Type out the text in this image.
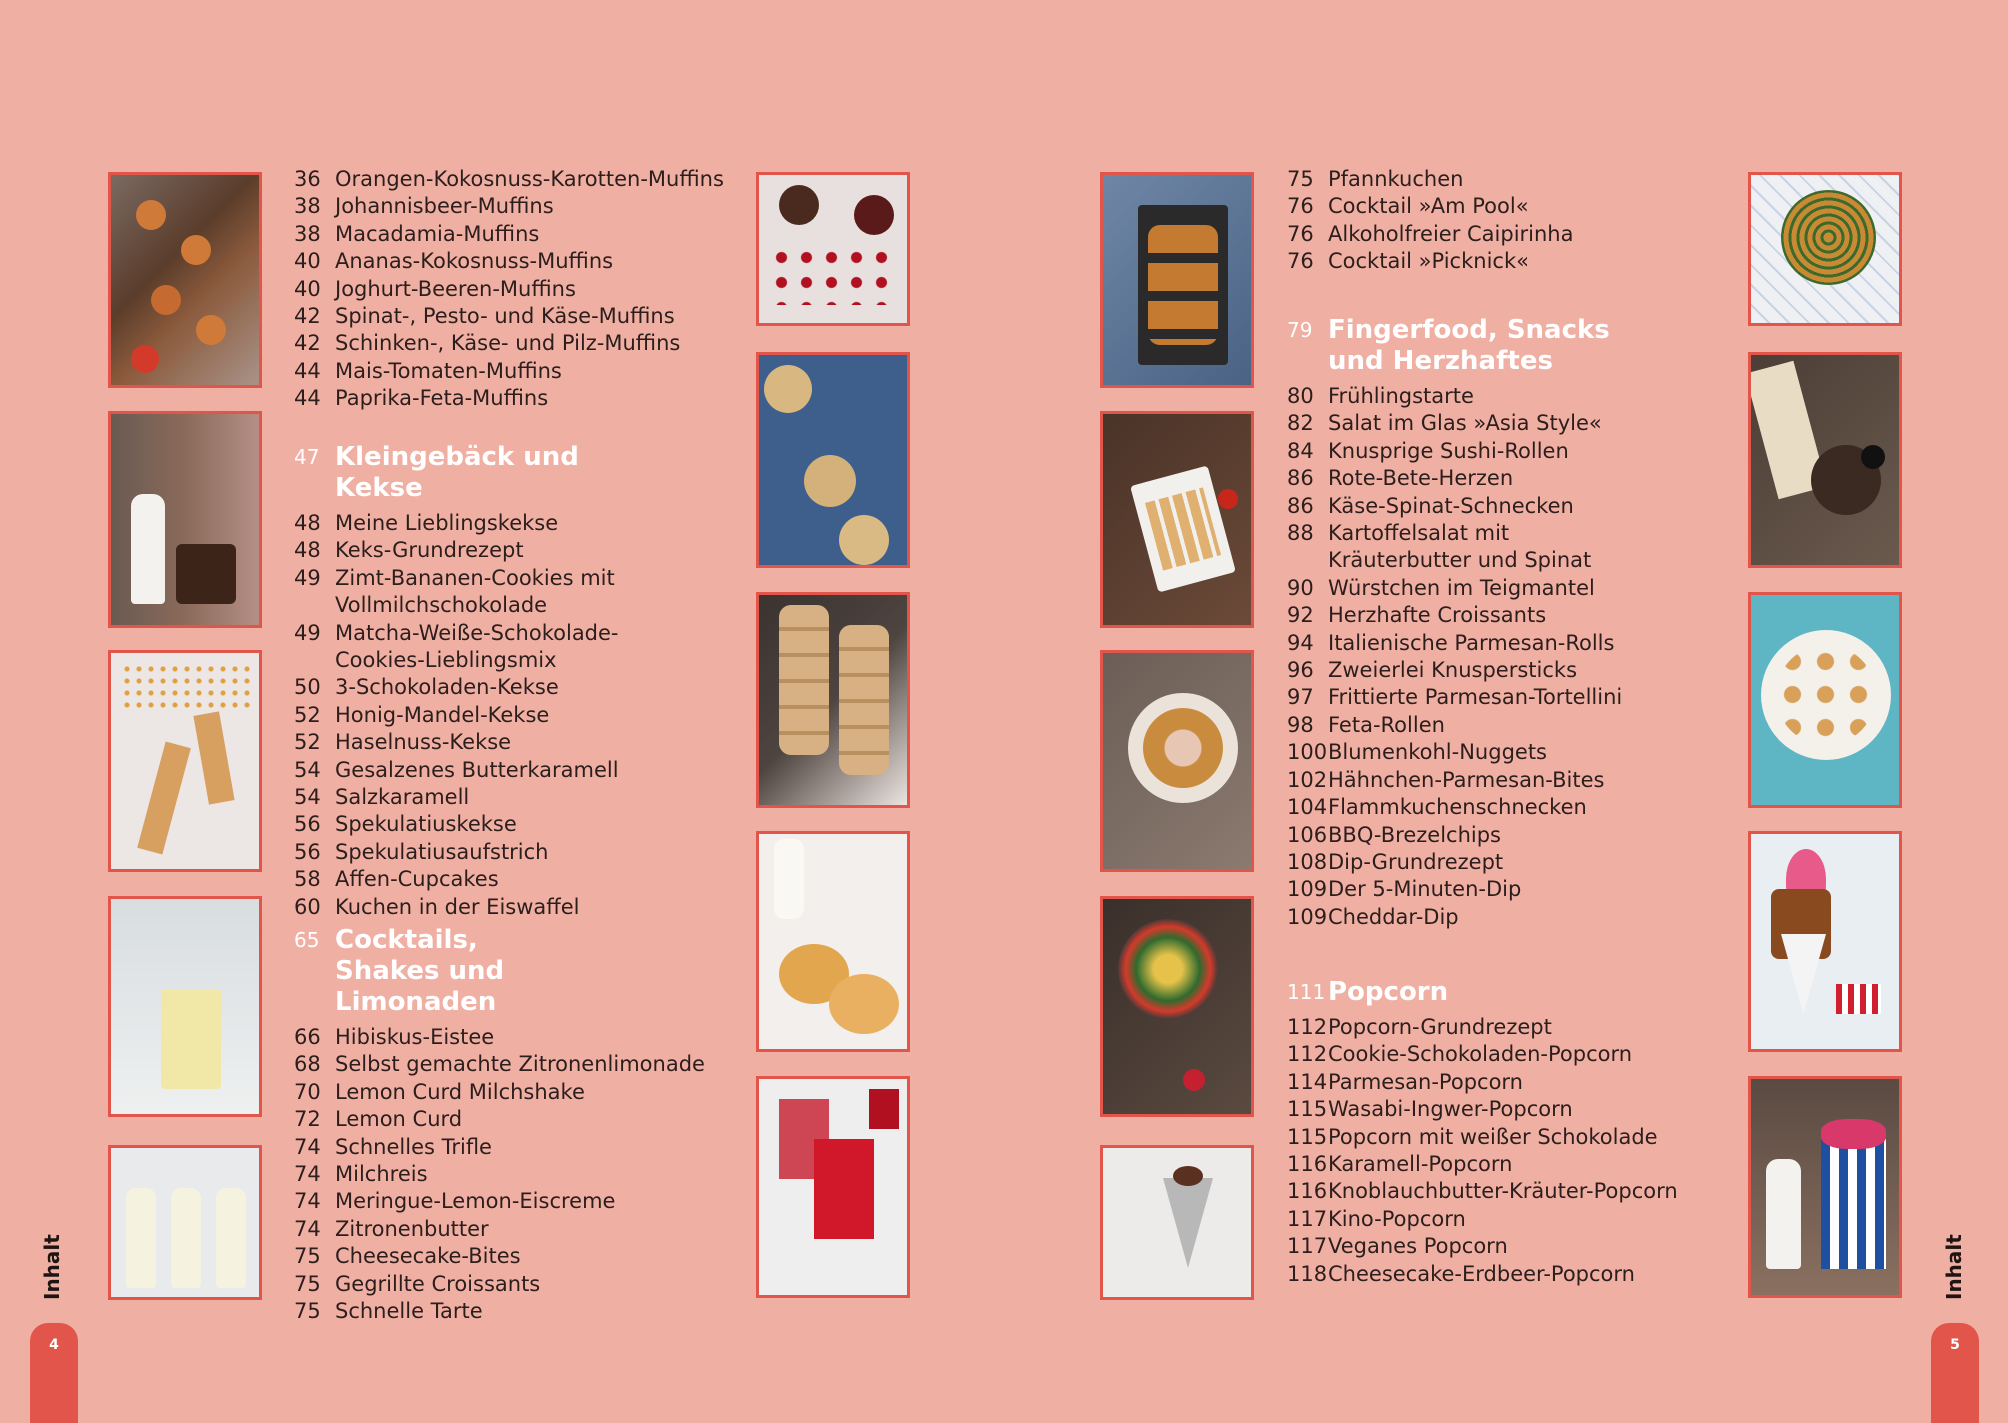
36 Orangen-Kokosnuss-Karotten-Muffins
38 Johannisbeer-Muffins
38 Macadamia-Muffins
40 Ananas-Kokosnuss-Muffins
40 Joghurt-Beeren-Muffins
42 Spinat-, Pesto- und Käse-Muffins
42 Schinken-, Käse- und Pilz-Muffins
44 Mais-Tomaten-Muffins
44 Paprika-Feta-Muffins
47 Kleingebäck und Kekse
48 Meine Lieblingskekse
48 Keks-Grundrezept
49 Zimt-Bananen-Cookies mit Vollmilchschokolade
49 Matcha-Weiße-Schokolade-Cookies-Lieblingsmix
50 3-Schokoladen-Kekse
52 Honig-Mandel-Kekse
52 Haselnuss-Kekse
54 Gesalzenes Butterkaramell
54 Salzkaramell
56 Spekulatiuskekse
56 Spekulatiusaufstrich
58 Affen-Cupcakes
60 Kuchen in der Eiswaffel
65 Cocktails, Shakes und Limonaden
66 Hibiskus-Eistee
68 Selbst gemachte Zitronenlimonade
70 Lemon Curd Milchshake
72 Lemon Curd
74 Schnelles Trifle
74 Milchreis
74 Meringue-Lemon-Eiscreme
74 Zitronenbutter
75 Cheesecake-Bites
75 Gegrillte Croissants
75 Schnelle Tarte
Inhalt
4
75 Pfannkuchen
76 Cocktail »Am Pool«
76 Alkoholfreier Caipirinha
76 Cocktail »Picknick«
79 Fingerfood, Snacks und Herzhaftes
80 Frühlingstarte
82 Salat im Glas »Asia Style«
84 Knusprige Sushi-Rollen
86 Rote-Bete-Herzen
86 Käse-Spinat-Schnecken
88 Kartoffelsalat mit Kräuterbutter und Spinat
90 Würstchen im Teigmantel
92 Herzhafte Croissants
94 Italienische Parmesan-Rolls
96 Zweierlei Knuspersticks
97 Frittierte Parmesan-Tortellini
98 Feta-Rollen
100 Blumenkohl-Nuggets
102 Hähnchen-Parmesan-Bites
104 Flammkuchenschnecken
106 BBQ-Brezelchips
108 Dip-Grundrezept
109 Der 5-Minuten-Dip
109 Cheddar-Dip
111 Popcorn
112 Popcorn-Grundrezept
112 Cookie-Schokoladen-Popcorn
114 Parmesan-Popcorn
115 Wasabi-Ingwer-Popcorn
115 Popcorn mit weißer Schokolade
116 Karamell-Popcorn
116 Knoblauchbutter-Kräuter-Popcorn
117 Kino-Popcorn
117 Veganes Popcorn
118 Cheesecake-Erdbeer-Popcorn	Inhalt
5
